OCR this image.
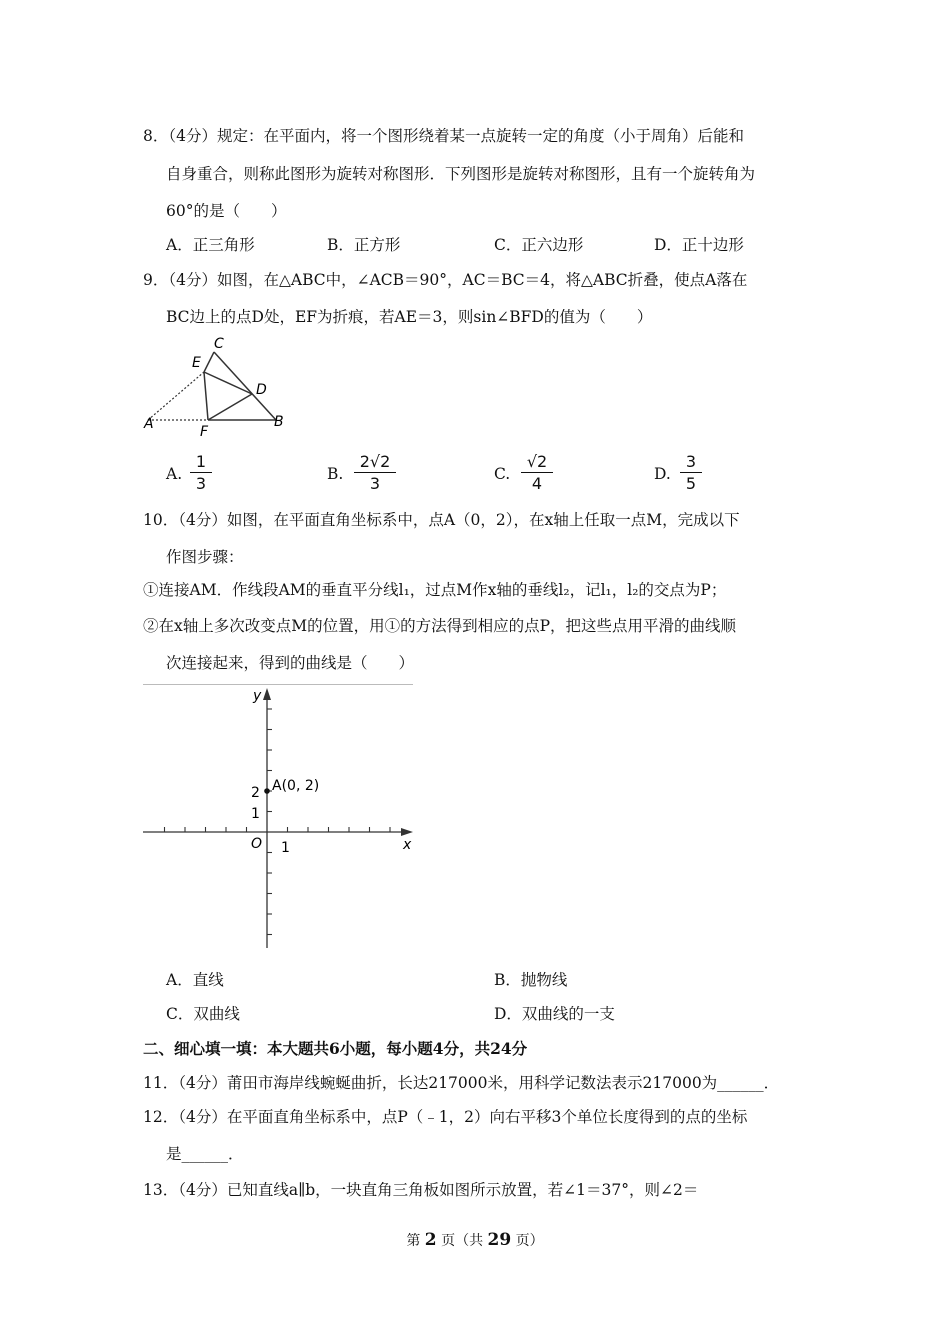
8．（4分）规定：在平面内，将一个图形绕着某一点旋转一定的角度（小于周角）后能和
自身重合，则称此图形为旋转对称图形．下列图形是旋转对称图形，且有一个旋转角为
60°的是（　　）
A．正三角形	B．正方形	C．正六边形	D．正十边形
9．（4分）如图，在△ABC中，∠ACB＝90°，AC＝BC＝4，将△ABC折叠，使点A落在
BC边上的点D处，EF为折痕，若AE＝3，则sin∠BFD的值为（　　）
C
E
D
A	F
B
A. $\frac{1}{3}$	B. $\frac{2√2}{3}$	C. $\frac{√2}{4}$	D. $\frac{3}{5}$
10．（4分）如图，在平面直角坐标系中，点A（0，2），在x轴上任取一点M，完成以下
作图步骤：
①连接AM．作线段AM的垂直平分线l₁，过点M作x轴的垂线l₂，记l₁，l₂的交点为P；
②在x轴上多次改变点M的位置，用①的方法得到相应的点P，把这些点用平滑的曲线顺
次连接起来，得到的曲线是（　　）
y
x
O 1
1
2 A(0, 2)
A．直线	B．抛物线
C．双曲线	D．双曲线的一支
二、细心填一填：本大题共6小题，每小题4分，共24分
11．（4分）莆田市海岸线蜿蜒曲折，长达217000米，用科学记数法表示217000为______．
12．（4分）在平面直角坐标系中，点P（﹣1，2）向右平移3个单位长度得到的点的坐标
是______．
13．（4分）已知直线a∥b，一块直角三角板如图所示放置，若∠1＝37°，则∠2＝
第 2 页（共 29 页）
